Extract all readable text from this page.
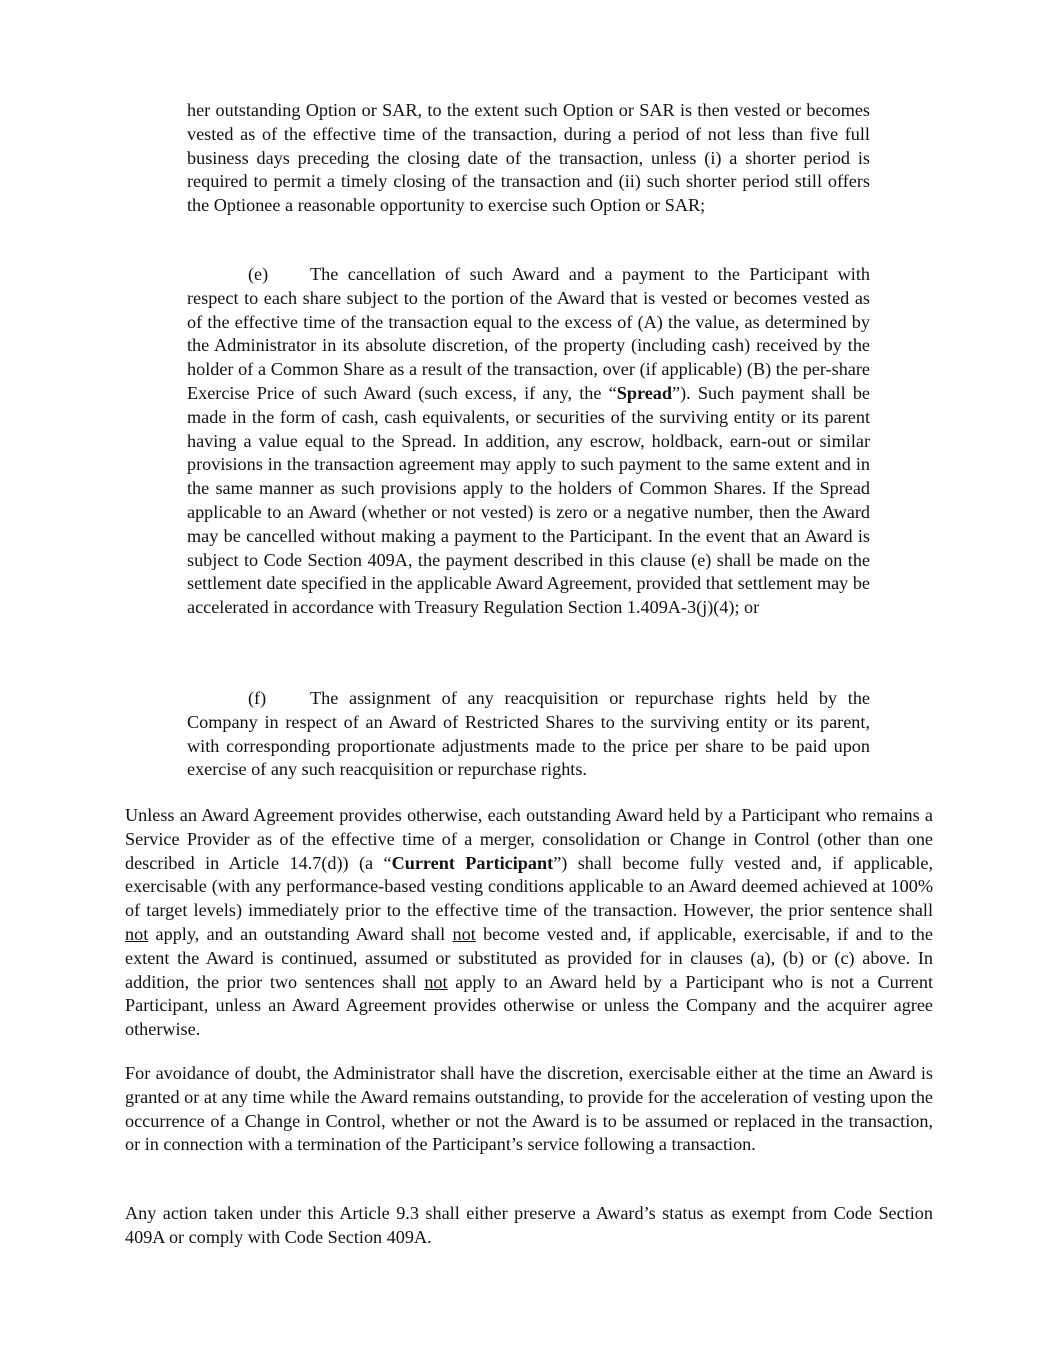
her outstanding Option or SAR, to the extent such Option or SAR is then vested or becomes vested as of the effective time of the transaction, during a period of not less than five full business days preceding the closing date of the transaction, unless (i) a shorter period is required to permit a timely closing of the transaction and (ii) such shorter period still offers the Optionee a reasonable opportunity to exercise such Option or SAR;

(e) The cancellation of such Award and a payment to the Participant with respect to each share subject to the portion of the Award that is vested or becomes vested as of the effective time of the transaction equal to the excess of (A) the value, as determined by the Administrator in its absolute discretion, of the property (including cash) received by the holder of a Common Share as a result of the transaction, over (if applicable) (B) the per-share Exercise Price of such Award (such excess, if any, the “Spread”). Such payment shall be made in the form of cash, cash equivalents, or securities of the surviving entity or its parent having a value equal to the Spread. In addition, any escrow, holdback, earn-out or similar provisions in the transaction agreement may apply to such payment to the same extent and in the same manner as such provisions apply to the holders of Common Shares. If the Spread applicable to an Award (whether or not vested) is zero or a negative number, then the Award may be cancelled without making a payment to the Participant. In the event that an Award is subject to Code Section 409A, the payment described in this clause (e) shall be made on the settlement date specified in the applicable Award Agreement, provided that settlement may be accelerated in accordance with Treasury Regulation Section 1.409A-3(j)(4); or

(f) The assignment of any reacquisition or repurchase rights held by the Company in respect of an Award of Restricted Shares to the surviving entity or its parent, with corresponding proportionate adjustments made to the price per share to be paid upon exercise of any such reacquisition or repurchase rights.

Unless an Award Agreement provides otherwise, each outstanding Award held by a Participant who remains a Service Provider as of the effective time of a merger, consolidation or Change in Control (other than one described in Article 14.7(d)) (a “Current Participant”) shall become fully vested and, if applicable, exercisable (with any performance-based vesting conditions applicable to an Award deemed achieved at 100% of target levels) immediately prior to the effective time of the transaction. However, the prior sentence shall not apply, and an outstanding Award shall not become vested and, if applicable, exercisable, if and to the extent the Award is continued, assumed or substituted as provided for in clauses (a), (b) or (c) above. In addition, the prior two sentences shall not apply to an Award held by a Participant who is not a Current Participant, unless an Award Agreement provides otherwise or unless the Company and the acquirer agree otherwise.

For avoidance of doubt, the Administrator shall have the discretion, exercisable either at the time an Award is granted or at any time while the Award remains outstanding, to provide for the acceleration of vesting upon the occurrence of a Change in Control, whether or not the Award is to be assumed or replaced in the transaction, or in connection with a termination of the Participant’s service following a transaction.

Any action taken under this Article 9.3 shall either preserve a Award’s status as exempt from Code Section 409A or comply with Code Section 409A.
